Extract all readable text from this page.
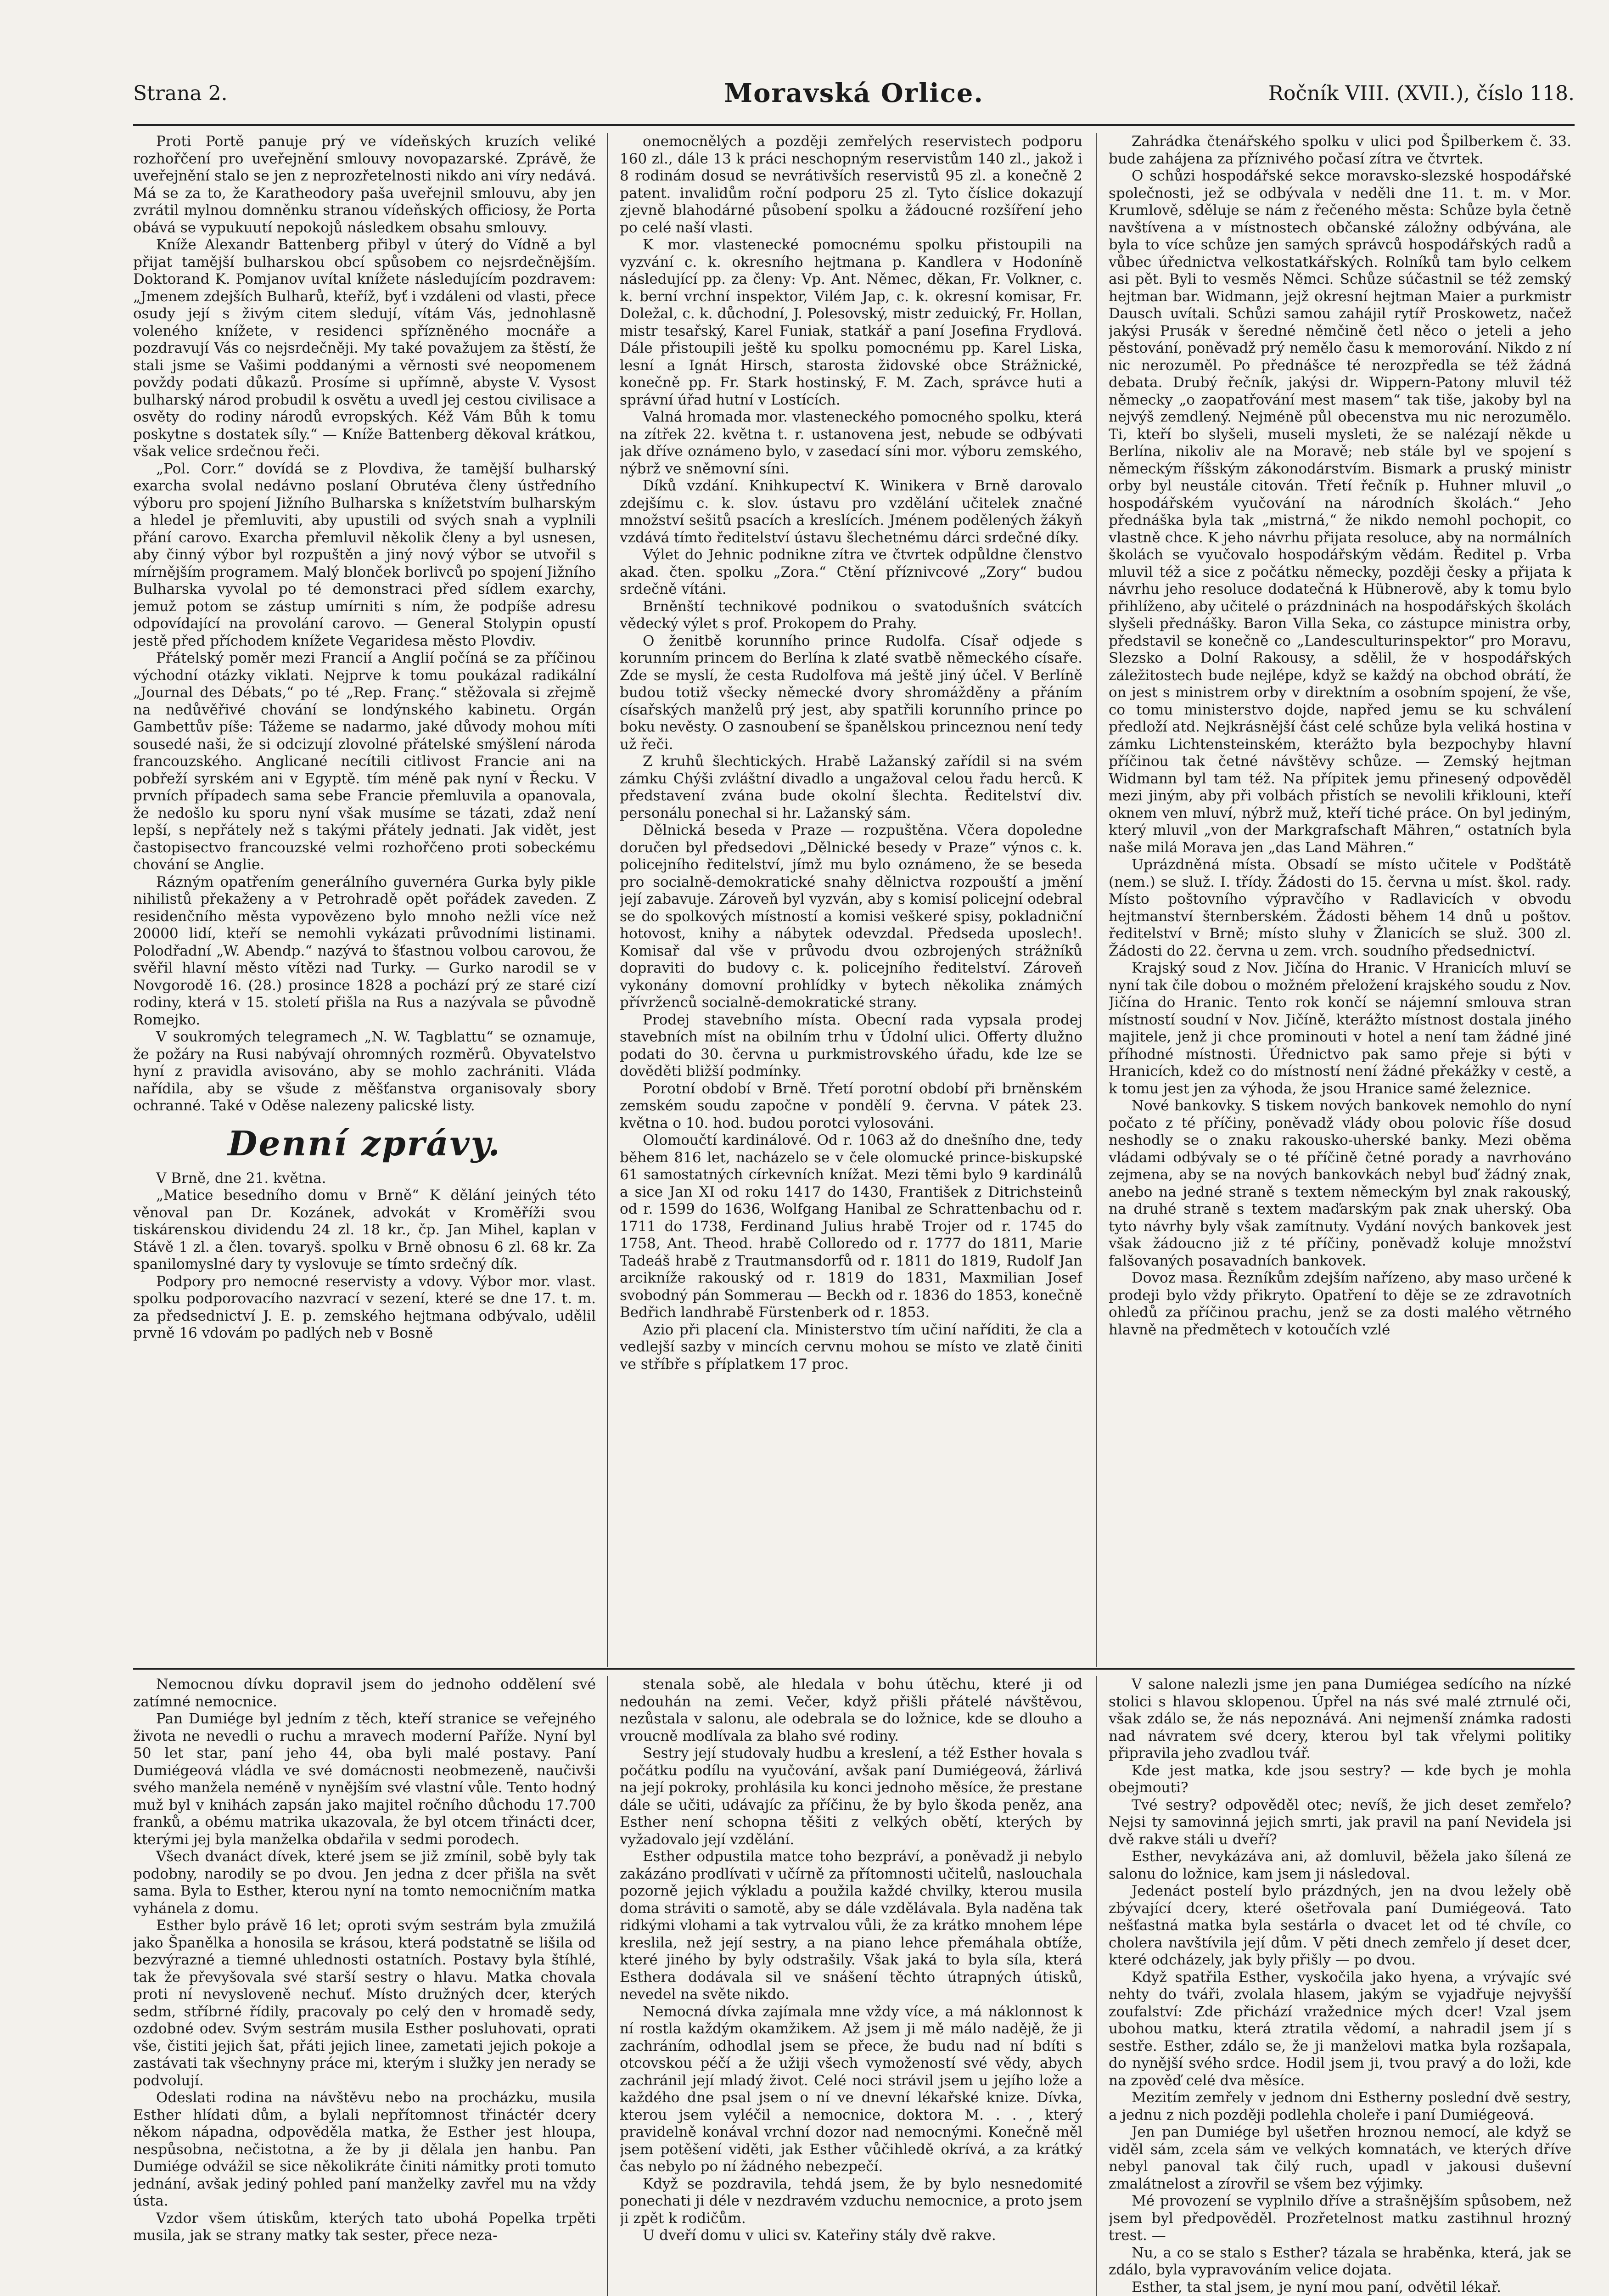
Strana 2.	Moravská Orlice.	Ročník VIII. (XVII.), číslo 118.

Proti Portě panuje prý ve vídeňských kruzích veliké rozhořčení pro uveřejnění smlouvy novopazarské. Zprávě, že uveřejnění stalo se jen z neprozřetelnosti nikdo ani víry nedává. Má se za to, že Karatheodory paša uveřejnil smlouvu, aby jen zvrátil mylnou domněnku stranou vídeňských officiosy, že Porta obává se vypukuutí nepokojů následkem obsahu smlouvy.

Kníže Alexandr Battenberg přibyl v úterý do Vídně a byl přijat tamější bulharskou obcí spůsobem co nejsrdečnějším. Doktorand K. Pomjanov uvítal knížete následujícím pozdravem: „Jmenem zdejších Bulharů, kteříž, byť i vzdáleni od vlasti, přece osudy její s živým citem sledují, vítám Vás, jednohlasně voleného knížete, v residenci spřízněného mocnáře a pozdravují Vás co nejsrdečněji. My také považujem za štěstí, že stali jsme se Vašimi poddanými a věrnosti své neopomenem povždy podati důkazů. Prosíme si upřímně, abyste V. Vysost bulharský národ probudil k osvětu a uvedl jej cestou civilisace a osvěty do rodiny národů evropských. Kéž Vám Bůh k tomu poskytne s dostatek síly.“ — Kníže Battenberg děkoval krátkou, však velice srdečnou řeči.

„Pol. Corr.“ dovídá se z Plovdiva, že tamější bulharský exarcha svolal nedávno poslaní Obrutéva členy ústředního výboru pro spojení Jižního Bulharska s knížetstvím bulharským a hledel je přemluviti, aby upustili od svých snah a vyplnili přání carovo. Exarcha přemluvil několik členy a byl usnesen, aby činný výbor byl rozpuštěn a jiný nový výbor se utvořil s mírnějším programem. Malý blonček borlivců po spojení Jižního Bulharska vyvolal po té demonstraci před sídlem exarchy, jemuž potom se zástup umírniti s ním, že podpíše adresu odpovídající na provolání carovo. — General Stolypin opustí jestě před příchodem knížete Vegaridesa město Plovdiv.

Přátelský poměr mezi Francií a Anglií počíná se za příčinou východní otázky viklati. Nejprve k tomu poukázal radikální „Journal des Débats,“ po té „Rep. Franç.“ stěžovala si zřejmě na nedůvěřivé chování se londýnského kabinetu. Orgán Gambettův píše: Tážeme se nadarmo, jaké důvody mohou míti sousedé naši, že si odcizují zlovolné přátelské smýšlení národa francouzského. Anglicané necítili citlivost Francie ani na pobřeží syrském ani v Egyptě. tím méně pak nyní v Řecku. V prvních případech sama sebe Francie přemluvila a opanovala, že nedošlo ku sporu nyní však musíme se tázati, zdaž není lepší, s nepřátely než s takými přátely jednati. Jak vidět, jest častopisectvo francouzské velmi rozhořčeno proti sobeckému chování se Anglie.

Rázným opatřením generálního guvernéra Gurka byly pikle nihilistů překaženy a v Petrohradě opět pořádek zaveden. Z residenčního města vypovězeno bylo mnoho nežli více než 20000 lidí, kteří se nemohli vykázati průvodními listinami. Polodřadní „W. Abendp.“ nazývá to šťastnou volbou carovou, že svěřil hlavní město vítězi nad Turky. — Gurko narodil se v Novgorodě 16. (28.) prosince 1828 a pochází prý ze staré cizí rodiny, která v 15. století přišla na Rus a nazývala se původně Romejko.

V soukromých telegramech „N. W. Tagblattu“ se oznamuje, že požáry na Rusi nabývají ohromných rozměrů. Obyvatelstvo hyní z pravidla avisováno, aby se mohlo zachrániti. Vláda nařídila, aby se všude z měšťanstva organisovaly sbory ochranné. Také v Oděse nalezeny palicské listy.

Denní zprávy.

V Brně, dne 21. května.

„Matice besedního domu v Brně“ K dělání jeiných této věnoval pan Dr. Kozánek, advokát v Kroměříži svou tiskárenskou dividendu 24 zl. 18 kr., čp. Jan Mihel, kaplan v Stávě 1 zl. a člen. tovaryš. spolku v Brně obnosu 6 zl. 68 kr. Za spanilomyslné dary ty vyslovuje se tímto srdečný dík.

Podpory pro nemocné reservisty a vdovy. Výbor mor. vlast. spolku podporovacího nazvrací v sezení, které se dne 17. t. m. za předsednictví J. E. p. zemského hejtmana odbývalo, udělil prvně 16 vdovám po padlých neb v Bosně

onemocnělých a později zemřelých reservistech podporu 160 zl., dále 13 k práci neschopným reservistům 140 zl., jakož i 8 rodinám dosud se nevrátivších reservistů 95 zl. a konečně 2 patent. invalidům roční podporu 25 zl. Tyto číslice dokazují zjevně blahodárné působení spolku a žádoucné rozšíření jeho po celé naší vlasti.

K mor. vlastenecké pomocnému spolku přistoupili na vyzvání c. k. okresního hejtmana p. Kandlera v Hodoníně následující pp. za členy: Vp. Ant. Němec, děkan, Fr. Volkner, c. k. berní vrchní inspektor, Vilém Jap, c. k. okresní komisar, Fr. Doležal, c. k. důchodní, J. Polesovský, mistr zeduický, Fr. Hollan, mistr tesařský, Karel Funiak, statkář a paní Josefina Frydlová. Dále přistoupili ještě ku spolku pomocnému pp. Karel Liska, lesní a Ignát Hirsch, starosta židovské obce Strážnické, konečně pp. Fr. Stark hostinský, F. M. Zach, správce huti a správní úřad hutní v Lostících.

Valná hromada mor. vlasteneckého pomocného spolku, která na zítřek 22. května t. r. ustanovena jest, nebude se odbývati jak dříve oznámeno bylo, v zasedací síni mor. výboru zemského, nýbrž ve sněmovní síni.

Díků vzdání. Knihkupectví K. Winikera v Brně darovalo zdejšímu c. k. slov. ústavu pro vzdělání učitelek značné množství sešitů psacích a kreslících. Jménem podělených žákyň vzdává tímto ředitelství ústavu šlechetnému dárci srdečné díky.

Výlet do Jehnic podnikne zítra ve čtvrtek odpůldne členstvo akad. čten. spolku „Zora.“ Ctění příznivcové „Zory“ budou srdečně vítáni.

Brněnští technikové podnikou o svatodušních svátcích vědecký výlet s prof. Prokopem do Prahy.

O ženitbě korunního prince Rudolfa. Císař odjede s korunním princem do Berlína k zlaté svatbě německého císaře. Zde se myslí, že cesta Rudolfova má ještě jiný účel. V Berlíně budou totiž všecky německé dvory shromážděny a přáním císařských manželů prý jest, aby spatřili korunního prince po boku nevěsty. O zasnoubení se španělskou princeznou není tedy už řeči.

Z kruhů šlechtických. Hrabě Lažanský zařídil si na svém zámku Chýši zvláštní divadlo a ungažoval celou řadu herců. K představení zvána bude okolní šlechta. Ředitelství div. personálu ponechal si hr. Lažanský sám.

Dělnická beseda v Praze — rozpuštěna. Včera dopoledne doručen byl předsedovi „Dělnické besedy v Praze“ výnos c. k. policejního ředitelství, jímž mu bylo oznámeno, že se beseda pro socialně-demokratické snahy dělnictva rozpouští a jmění její zabavuje. Zároveň byl vyzván, aby s komisí policejní odebral se do spolkových místností a komisi veškeré spisy, pokladniční hotovost, knihy a nábytek odevzdal. Předseda uposlech!. Komisař dal vše v průvodu dvou ozbrojených strážníků dopraviti do budovy c. k. policejního ředitelství. Zároveň vykonány domovní prohlídky v bytech několika známých přívrženců socialně-demokratické strany.

Prodej stavebního místa. Obecní rada vypsala prodej stavebních míst na obilním trhu v Údolní ulici. Offerty dlužno podati do 30. června u purkmistrovského úřadu, kde lze se dověděti bližší podmínky.

Porotní období v Brně. Třetí porotní období při brněnském zemském soudu započne v pondělí 9. června. V pátek 23. května o 10. hod. budou porotci vylosováni.

Olomoučtí kardinálové. Od r. 1063 až do dnešního dne, tedy během 816 let, nacházelo se v čele olomucké prince-biskupské 61 samostatných církevních knížat. Mezi těmi bylo 9 kardinálů a sice Jan XI od roku 1417 do 1430, František z Ditrichsteinů od r. 1599 do 1636, Wolfgang Hanibal ze Schrattenbachu od r. 1711 do 1738, Ferdinand Julius hrabě Trojer od r. 1745 do 1758, Ant. Theod. hrabě Colloredo od r. 1777 do 1811, Marie Tadeáš hrabě z Trautmansdorfů od r. 1811 do 1819, Rudolf Jan arcikníže rakouský od r. 1819 do 1831, Maxmilian Josef svobodný pán Sommerau — Beckh od r. 1836 do 1853, konečně Bedřich landhrabě Fürstenberk od r. 1853.

Azio při placení cla. Ministerstvo tím učiní naříditi, že cla a vedlejší sazby v mincích cervnu mohou se místo ve zlatě činiti ve stříbře s příplatkem 17 proc.

Zahrádka čtenářského spolku v ulici pod Špilberkem č. 33. bude zahájena za příznivého počasí zítra ve čtvrtek.

O schůzi hospodářské sekce moravsko-slezské hospodářské společnosti, jež se odbývala v neděli dne 11. t. m. v Mor. Krumlově, sděluje se nám z řečeného města: Schůze byla četně navštívena a v místnostech občanské záložny odbývána, ale byla to více schůze jen samých správců hospodářských radů a vůbec úřednictva velkostatkářských. Rolníků tam bylo celkem asi pět. Byli to vesměs Němci. Schůze súčastnil se též zemský hejtman bar. Widmann, jejž okresní hejtman Maier a purkmistr Dausch uvítali. Schůzi samou zahájil rytíř Proskowetz, načež jakýsi Prusák v šeredné němčině četl něco o jeteli a jeho pěstování, poněvadž prý nemělo času k memorování. Nikdo z ní nic nerozuměl. Po přednášce té nerozpředla se též žádná debata. Drubý řečník, jakýsi dr. Wippern-Patony mluvil též německy „o zaopatřování mest masem“ tak tiše, jakoby byl na nejvýš zemdlený. Nejméně půl obecenstva mu nic nerozumělo. Ti, kteří bo slyšeli, museli mysleti, že se nalézají někde u Berlína, nikoliv ale na Moravě; neb stále byl ve spojení s německým říšským zákonodárstvím. Bismark a pruský ministr orby byl neustále citován. Třetí řečník p. Huhner mluvil „o hospodářském vyučování na národních školách.“ Jeho přednáška byla tak „mistrná,“ že nikdo nemohl pochopit, co vlastně chce. K jeho návrhu přijata resoluce, aby na normálních školách se vyučovalo hospodářským vědám. Ředitel p. Vrba mluvil též a sice z počátku německy, později česky a přijata k návrhu jeho resoluce dodatečná k Hübnerově, aby k tomu bylo přihlíženo, aby učitelé o prázdninách na hospodářských školách slyšeli přednášky. Baron Villa Seka, co zástupce ministra orby, představil se konečně co „Landesculturinspektor“ pro Moravu, Slezsko a Dolní Rakousy, a sdělil, že v hospodářských záležitostech bude nejlépe, když se každý na obchod obrátí, že on jest s ministrem orby v direktním a osobním spojení, že vše, co tomu ministerstvo dojde, napřed jemu se ku schválení předloží atd. Nejkrásnější část celé schůze byla veliká hostina v zámku Lichtensteinském, kterážto byla bezpochyby hlavní příčinou tak četné návštěvy schůze. — Zemský hejtman Widmann byl tam též. Na přípitek jemu přinesený odpověděl mezi jiným, aby při volbách přistích se nevolili křiklouni, kteří oknem ven mluví, nýbrž muž, kteří tiché práce. On byl jediným, který mluvil „von der Markgrafschaft Mähren,“ ostatních byla naše milá Morava jen „das Land Mähren.“

Uprázdněná místa. Obsadí se místo učitele v Podštátě (nem.) se služ. I. třídy. Žádosti do 15. června u míst. škol. rady. Místo poštovního výpravčího v Radlavicích v obvodu hejtmanství šternberském. Žádosti během 14 dnů u poštov. ředitelství v Brně; místo sluhy v Žlanicích se služ. 300 zl. Žádosti do 22. června u zem. vrch. soudního předsednictví.

Krajský soud z Nov. Jičína do Hranic. V Hranicích mluví se nyní tak čile dobou o možném přeložení krajského soudu z Nov. Jičína do Hranic. Tento rok končí se nájemní smlouva stran místností soudní v Nov. Jičíně, kterážto místnost dostala jiného majitele, jenž ji chce prominouti v hotel a není tam žádné jiné příhodné místnosti. Úřednictvo pak samo přeje si býti v Hranicích, kdež co do místností není žádné překážky v cestě, a k tomu jest jen za výhoda, že jsou Hranice samé železnice.

Nové bankovky. S tiskem nových bankovek nemohlo do nyní počato z té příčiny, poněvadž vlády obou polovic říše dosud neshodly se o znaku rakousko-uherské banky. Mezi oběma vládami odbývaly se o té příčině četné porady a navrhováno zejmena, aby se na nových bankovkách nebyl buď žádný znak, anebo na jedné straně s textem německým byl znak rakouský, na druhé straně s textem maďarským pak znak uherský. Oba tyto návrhy byly však zamítnuty. Vydání nových bankovek jest však žádoucno již z té příčiny, poněvadž koluje množství falšovaných posavadních bankovek.

Dovoz masa. Řezníkům zdejším nařízeno, aby maso určené k prodeji bylo vždy přikryto. Opatření to děje se ze zdravotních ohledů za příčinou prachu, jenž se za dosti malého větrného hlavně na předmětech v kotoučích vzlé

Nemocnou dívku dopravil jsem do jednoho oddělení své zatímné nemocnice.

Pan Dumiége byl jedním z těch, kteří stranice se veřejného života ne nevedli o ruchu a mravech moderní Paříže. Nyní byl 50 let star, paní jeho 44, oba byli malé postavy. Paní Dumiégeová vládla ve své domácnosti neobmezeně, naučivši svého manžela neméně v nynějším své vlastní vůle. Tento hodný muž byl v knihách zapsán jako majitel ročního důchodu 17.700 franků, a obému matrika ukazovala, že byl otcem třinácti dcer, kterými jej byla manželka obdařila v sedmi porodech.

Všech dvanáct dívek, které jsem se již zmínil, sobě byly tak podobny, narodily se po dvou. Jen jedna z dcer přišla na svět sama. Byla to Esther, kterou nyní na tomto nemocničním matka vyhánela z domu.

Esther bylo právě 16 let; oproti svým sestrám byla zmužilá jako Španělka a honosila se krásou, která podstatně se lišila od bezvýrazné a tiemné uhlednosti ostatních. Postavy byla štíhlé, tak že převyšovala své starší sestry o hlavu. Matka chovala proti ní nevysloveně nechuť. Místo družných dcer, kterých sedm, stříbrné řídily, pracovaly po celý den v hromadě sedy, ozdobné odev. Svým sestrám musila Esther posluhovati, oprati vše, čistiti jejich šat, přáti jejich linee, zametati jejich pokoje a zastávati tak všechnyny práce mi, kterým i služky jen nerady se podvolují.

Odeslati rodina na návštěvu nebo na procházku, musila Esther hlídati dům, a bylali nepřítomnost třináctér dcery někom nápadna, odpověděla matka, že Esther jest hloupa, nespůsobna, nečistotna, a že by ji dělala jen hanbu. Pan Dumiége odvážil se sice několikráte činiti námitky proti tomuto jednání, avšak jediný pohled paní manželky zavřel mu na vždy ústa.

Vzdor všem útiskům, kterých tato ubohá Popelka trpěti musila, jak se strany matky tak sester, přece neza-

stenala sobě, ale hledala v bohu útěchu, které ji od nedouhán na zemi. Večer, když přišli přátelé návštěvou, nezůstala v salonu, ale odebrala se do ložnice, kde se dlouho a vroucně modlívala za blaho své rodiny.

Sestry její studovaly hudbu a kreslení, a též Esther hovala s počátku podílu na vyučování, avšak paní Dumiégeová, žárlivá na její pokroky, prohlásila ku konci jednoho měsíce, že prestane dále se učiti, udávajíc za příčinu, že by bylo škoda peněz, ana Esther není schopna těšiti z velkých obětí, kterých by vyžadovalo její vzdělání.

Esther odpustila matce toho bezpráví, a poněvadž ji nebylo zakázáno prodlívati v učírně za přítomnosti učitelů, naslouchala pozorně jejich výkladu a použila každé chvilky, kterou musila doma stráviti o samotě, aby se dále vzdělávala. Byla naděna tak ridkými vlohami a tak vytrvalou vůli, že za krátko mnohem lépe kreslila, než její sestry, a na piano lehce přemáhala obtíže, které jiného by byly odstrašily. Však jaká to byla síla, která Esthera dodávala sil ve snášení těchto útrapných útisků, nevedel na světe nikdo.

Nemocná dívka zajímala mne vždy více, a má náklonnost k ní rostla každým okamžikem. Až jsem ji mě málo nadějě, že ji zachráním, odhodlal jsem se přece, že budu nad ní bdíti s otcovskou péčí a že užiji všech vymožeností své vědy, abych zachránil její mladý život. Celé noci strávil jsem u jejího lože a každého dne psal jsem o ní ve dnevní lékařské knize. Dívka, kterou jsem vyléčil a nemocnice, doktora M. . . , který pravidelně konával vrchní dozor nad nemocnými. Konečně měl jsem potěšení viděti, jak Esther vůčihledě okrívá, a za krátký čas nebylo po ní žádného nebezpečí.

Když se pozdravila, tehdá jsem, že by bylo nesnedomité ponechati ji déle v nezdravém vzduchu nemocnice, a proto jsem ji zpět k rodičům.

U dveří domu v ulici sv. Kateřiny stály dvě rakve.

V salone nalezli jsme jen pana Dumiégea sedícího na nízké stolici s hlavou sklopenou. Úpřel na nás své malé ztrnulé oči, však zdálo se, že nás nepoznává. Ani nejmenší známka radosti nad návratem své dcery, kterou byl tak vřelymi politiky připravila jeho zvadlou tvář.

Kde jest matka, kde jsou sestry? — kde bych je mohla obejmouti?

Tvé sestry? odpověděl otec; nevíš, že jich deset zemřelo? Nejsi ty samovinná jejich smrti, jak pravil na paní Nevidela jsi dvě rakve stáli u dveří?

Esther, nevykázáva ani, až domluvil, běžela jako šílená ze salonu do ložnice, kam jsem ji následoval.

Jedenáct postelí bylo prázdných, jen na dvou ležely obě zbývající dcery, které ošetřovala paní Dumiégeová. Tato nešťastná matka byla sestárla o dvacet let od té chvíle, co cholera navštívila její dům. V pěti dnech zemřelo jí deset dcer, které odcházely, jak byly přišly — po dvou.

Když spatřila Esther, vyskočila jako hyena, a vrývajíc své nehty do tváři, zvolala hlasem, jakým se vyjadřuje nejvyšší zoufalství: Zde přichází vražednice mých dcer! Vzal jsem ubohou matku, která ztratila vědomí, a nahradil jsem jí s sestře. Esther, zdálo se, že ji manželovi matka byla rozšapala, do nynější svého srdce. Hodil jsem ji, tvou pravý a do loži, kde na zpověď celé dva měsíce.

Mezitím zemřely v jednom dni Estherny poslední dvě sestry, a jednu z nich později podlehla choleře i paní Dumiégeová.

Jen pan Dumiége byl ušetřen hroznou nemocí, ale když se viděl sám, zcela sám ve velkých komnatách, ve kterých dříve nebyl panoval tak čilý ruch, upadl v jakousi duševní zmalátnelost a zírovřil se všem bez výjimky.

Mé provození se vyplnilo dříve a strašnějším spůsobem, než jsem byl předpověděl. Prozřetelnost matku zastihnul hrozný trest. —

Nu, a co se stalo s Esther? tázala se hraběnka, která, jak se zdálo, byla vypravováním velice dojata.

Esther, ta stal jsem, je nyní mou paní, odvětil lékař.
